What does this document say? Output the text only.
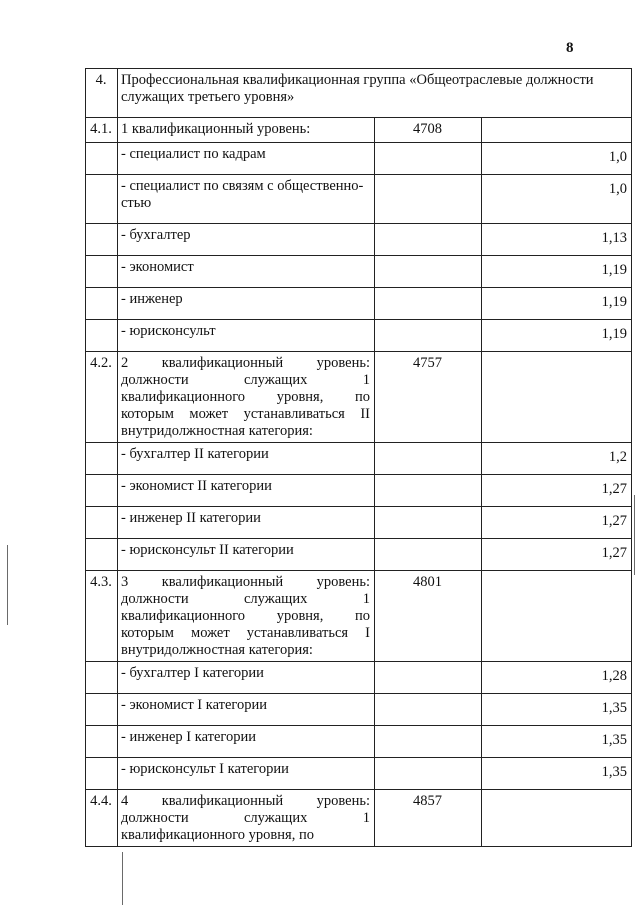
8
4.	Профессиональная квалификационная группа «Общеотраслевые должности служащих третьего уровня»		
4.1.	1 квалификационный уровень:	4708	
	- специалист по кадрам		1,0
	- специалист по связям с общественно-стью		1,0
	- бухгалтер		1,13
	- экономист		1,19
	- инженер		1,19
	- юрисконсульт		1,19
4.2.	2 квалификационный уровень: должности служащих 1 квалификационного уровня, по которым может устанавливаться II внутридолжностная категория:	4757	
	- бухгалтер II категории		1,2
	- экономист II категории		1,27
	- инженер II категории		1,27
	- юрисконсульт II категории		1,27
4.3.	3 квалификационный уровень: должности служащих 1 квалификационного уровня, по которым может устанавливаться I внутридолжностная категория:	4801	
	- бухгалтер I категории		1,28
	- экономист I категории		1,35
	- инженер I категории		1,35
	- юрисконсульт I категории		1,35
4.4.	4 квалификационный уровень: должности служащих 1 квалификационного уровня, по	4857	
